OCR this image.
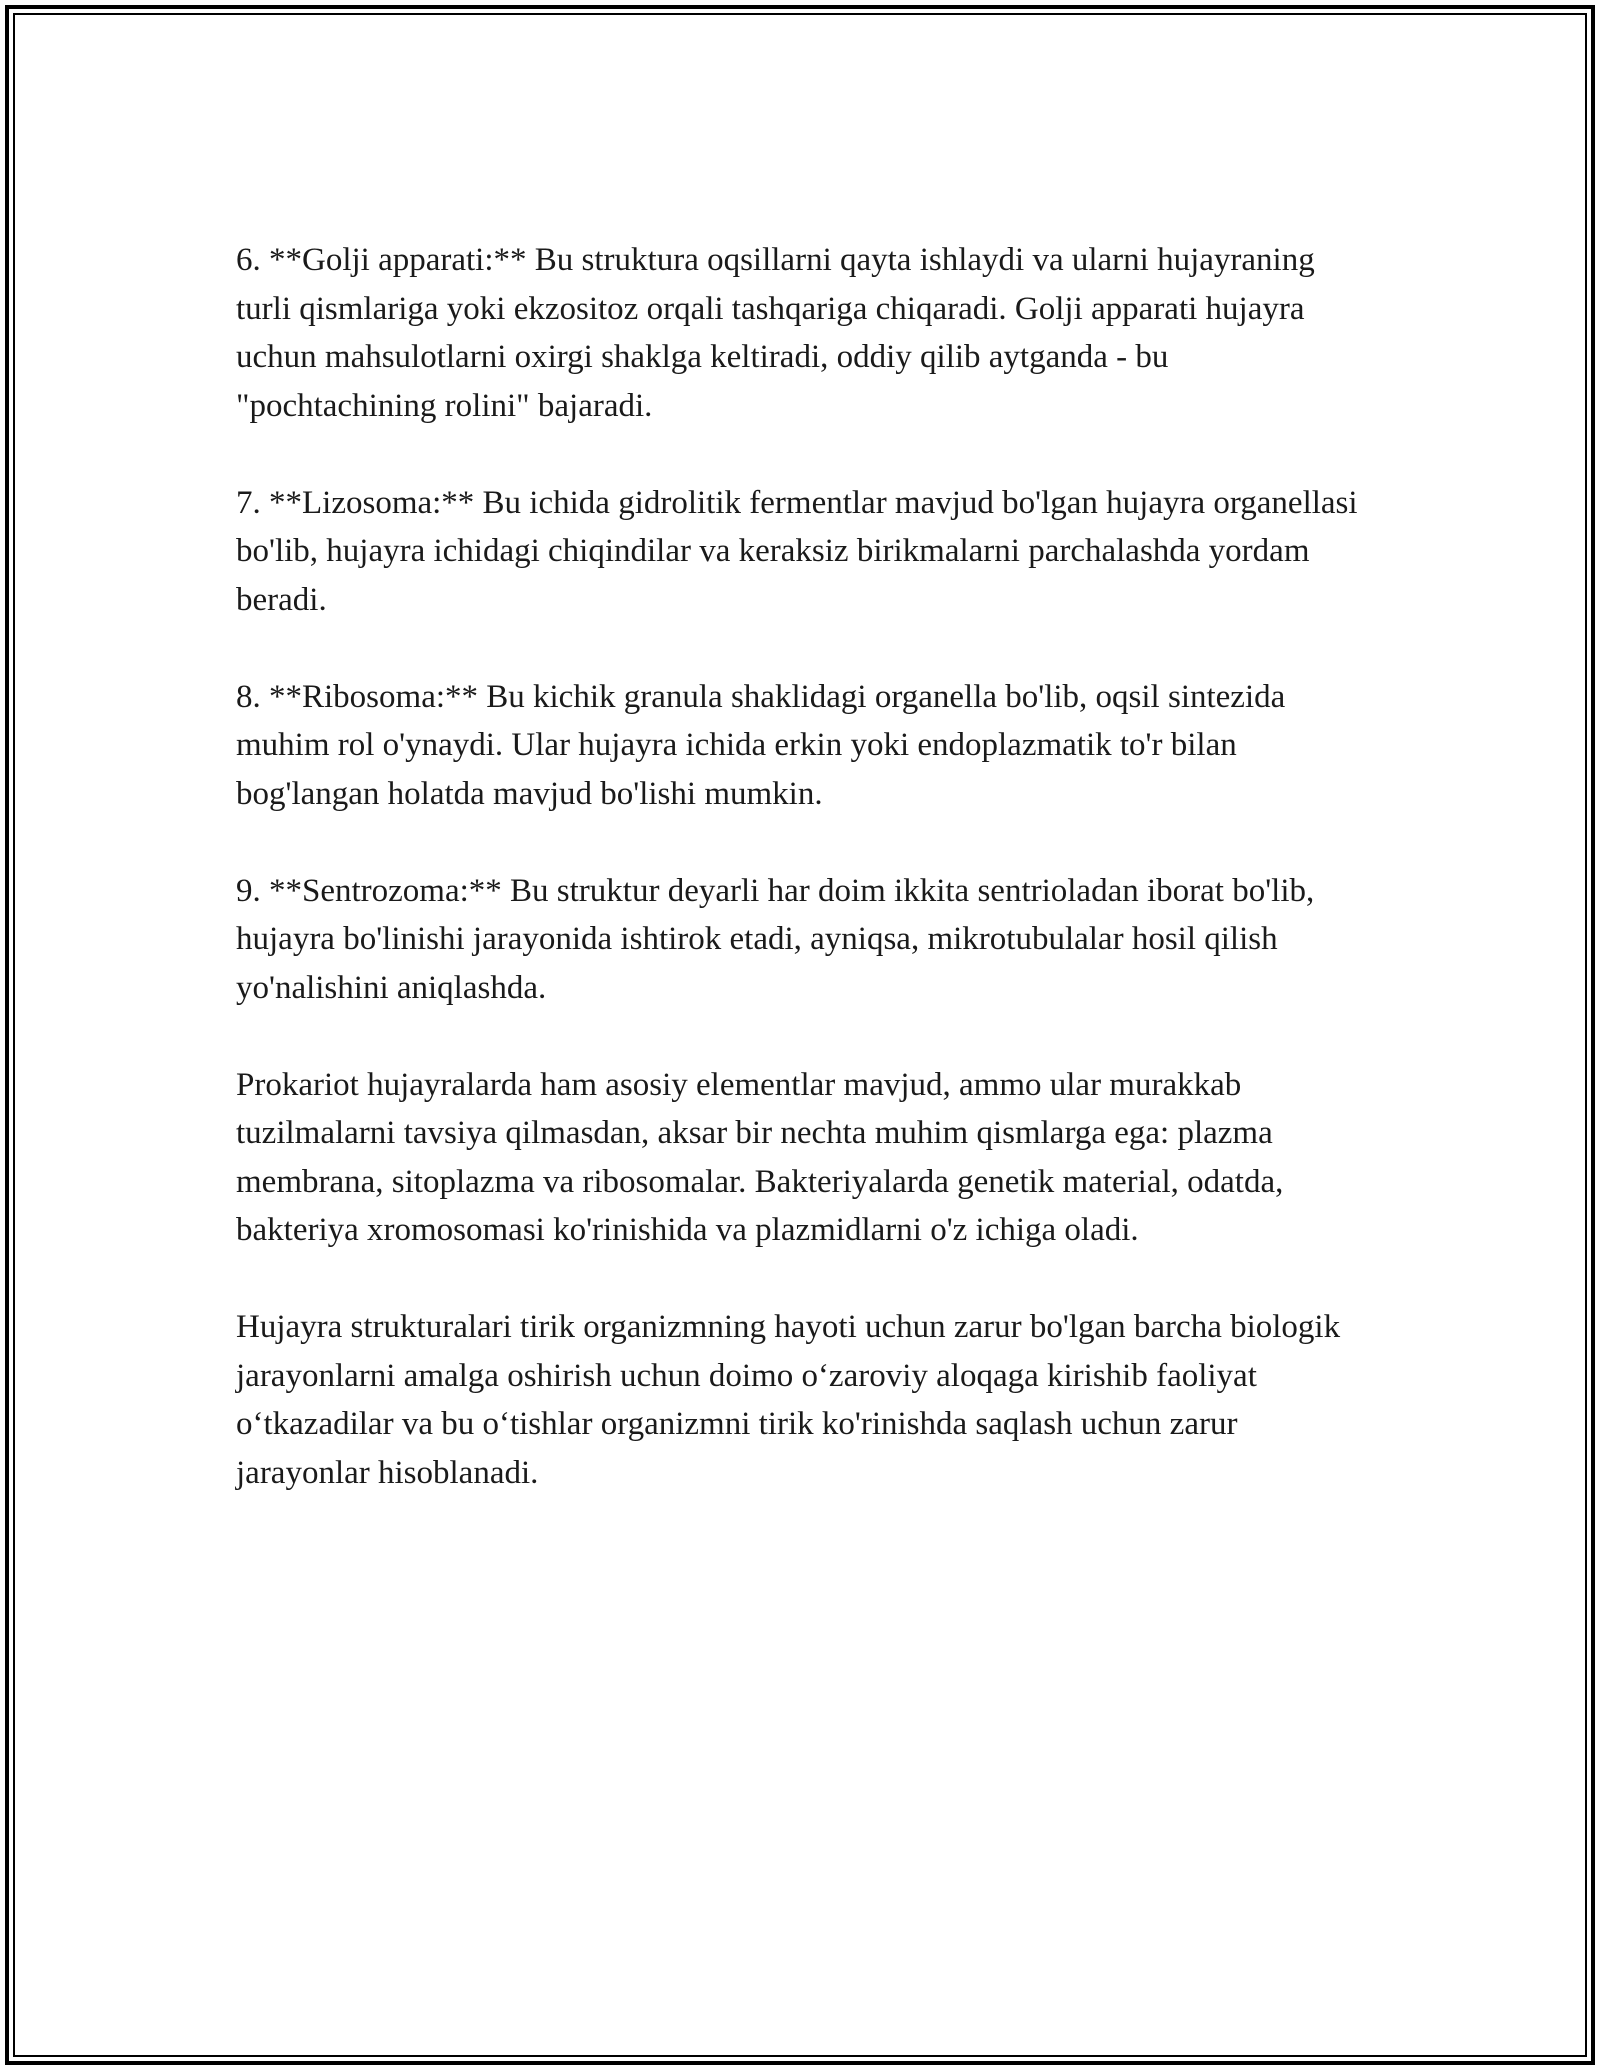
6. **Golji apparati:** Bu struktura oqsillarni qayta ishlaydi va ularni hujayraning turli qismlariga yoki ekzositoz orqali tashqariga chiqaradi. Golji apparati hujayra uchun mahsulotlarni oxirgi shaklga keltiradi, oddiy qilib aytganda - bu "pochtachining rolini" bajaradi.

7. **Lizosoma:** Bu ichida gidrolitik fermentlar mavjud bo'lgan hujayra organellasi bo'lib, hujayra ichidagi chiqindilar va keraksiz birikmalarni parchalashda yordam beradi.

8. **Ribosoma:** Bu kichik granula shaklidagi organella bo'lib, oqsil sintezida muhim rol o'ynaydi. Ular hujayra ichida erkin yoki endoplazmatik to'r bilan bog'langan holatda mavjud bo'lishi mumkin.

9. **Sentrozoma:** Bu struktur deyarli har doim ikkita sentrioladan iborat bo'lib, hujayra bo'linishi jarayonida ishtirok etadi, ayniqsa, mikrotubulalar hosil qilish yo'nalishini aniqlashda.

Prokariot hujayralarda ham asosiy elementlar mavjud, ammo ular murakkab tuzilmalarni tavsiya qilmasdan, aksar bir nechta muhim qismlarga ega: plazma membrana, sitoplazma va ribosomalar. Bakteriyalarda genetik material, odatda, bakteriya xromosomasi ko'rinishida va plazmidlarni o'z ichiga oladi.

Hujayra strukturalari tirik organizmning hayoti uchun zarur bo'lgan barcha biologik jarayonlarni amalga oshirish uchun doimo o‘zaroviy aloqaga kirishib faoliyat o‘tkazadilar va bu o‘tishlar organizmni tirik ko'rinishda saqlash uchun zarur jarayonlar hisoblanadi.
